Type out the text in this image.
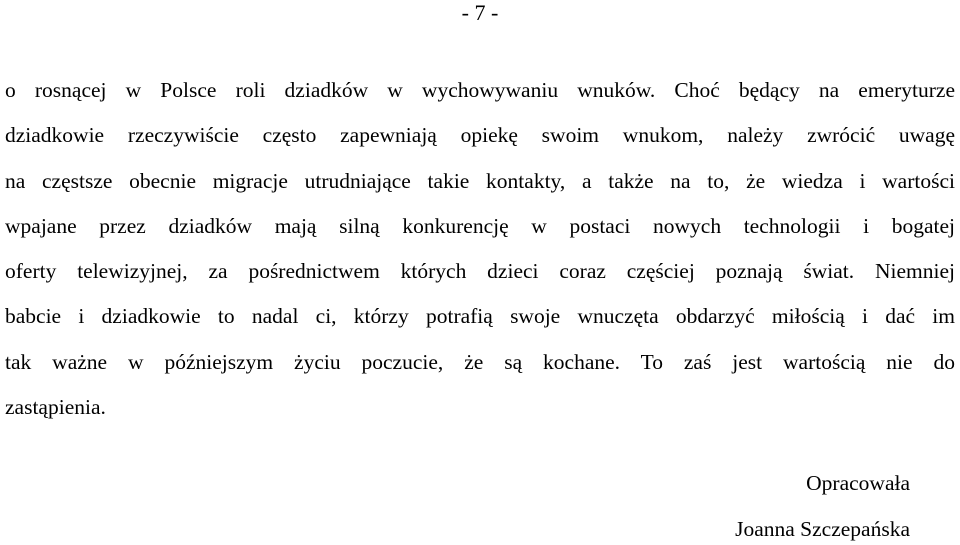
- 7 -
o rosnącej w Polsce roli dziadków w wychowywaniu wnuków. Choć będący na emeryturze
dziadkowie rzeczywiście często zapewniają opiekę swoim wnukom, należy zwrócić uwagę
na częstsze obecnie migracje utrudniające takie kontakty, a także na to, że wiedza i wartości
wpajane przez dziadków mają silną konkurencję w postaci nowych technologii i bogatej
oferty telewizyjnej, za pośrednictwem których dzieci coraz częściej poznają świat. Niemniej
babcie i dziadkowie to nadal ci, którzy potrafią swoje wnuczęta obdarzyć miłością i dać im
tak ważne w późniejszym życiu poczucie, że są kochane. To zaś jest wartością nie do
zastąpienia.
Opracowała
Joanna Szczepańska
